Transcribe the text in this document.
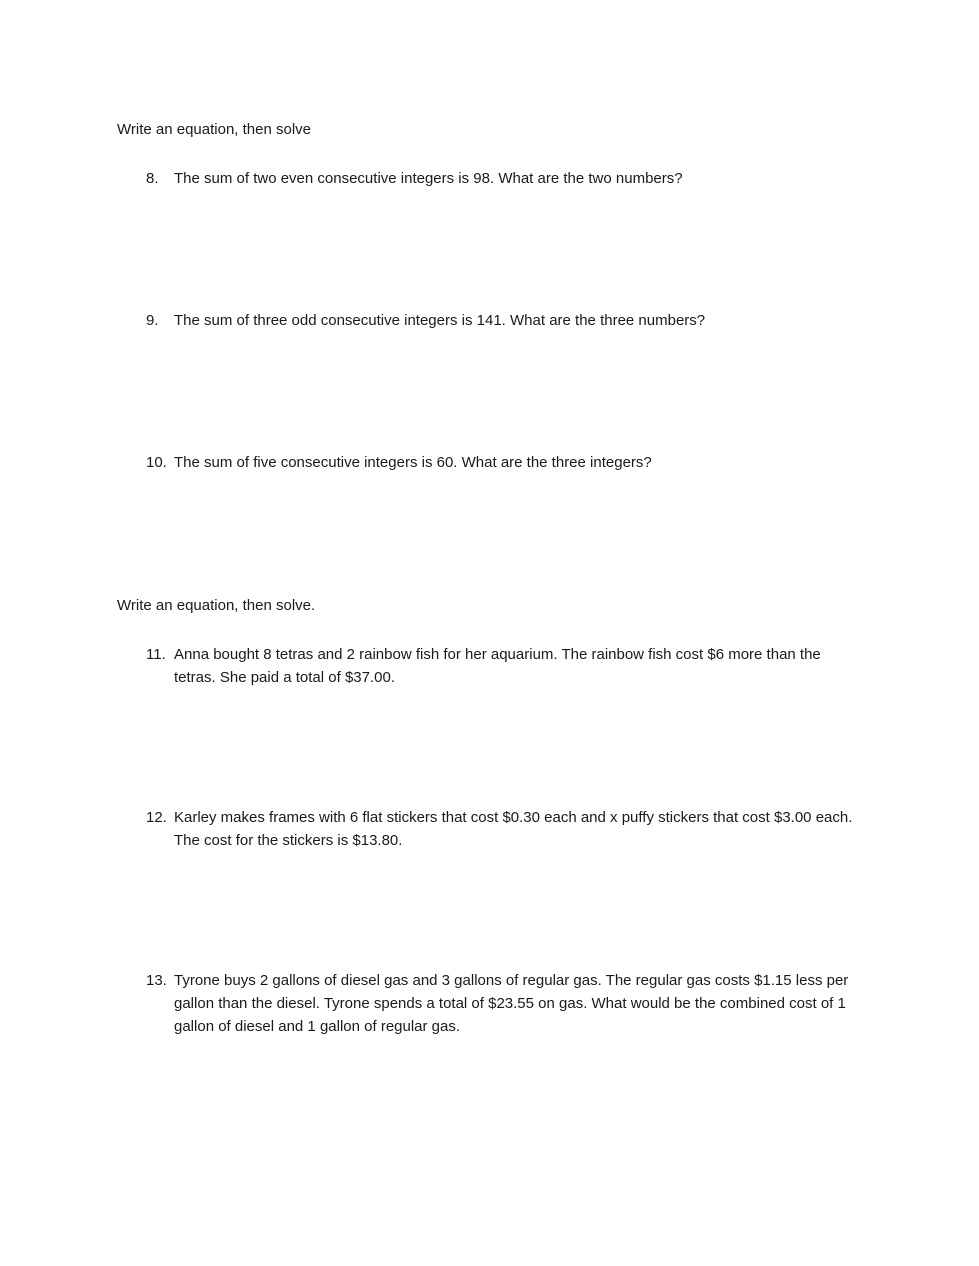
Write an equation, then solve

8.	The sum of two even consecutive integers is 98. What are the two numbers?
9.	The sum of three odd consecutive integers is 141. What are the three numbers?
10. The sum of five consecutive integers is 60. What are the three integers?

Write an equation, then solve.

11. Anna bought 8 tetras and 2 rainbow fish for her aquarium. The rainbow fish cost $6 more than the tetras. She paid a total of $37.00.
12. Karley makes frames with 6 flat stickers that cost $0.30 each and x puffy stickers that cost $3.00 each. The cost for the stickers is $13.80.
13. Tyrone buys 2 gallons of diesel gas and 3 gallons of regular gas. The regular gas costs $1.15 less per gallon than the diesel. Tyrone spends a total of $23.55 on gas. What would be the combined cost of 1 gallon of diesel and 1 gallon of regular gas.
